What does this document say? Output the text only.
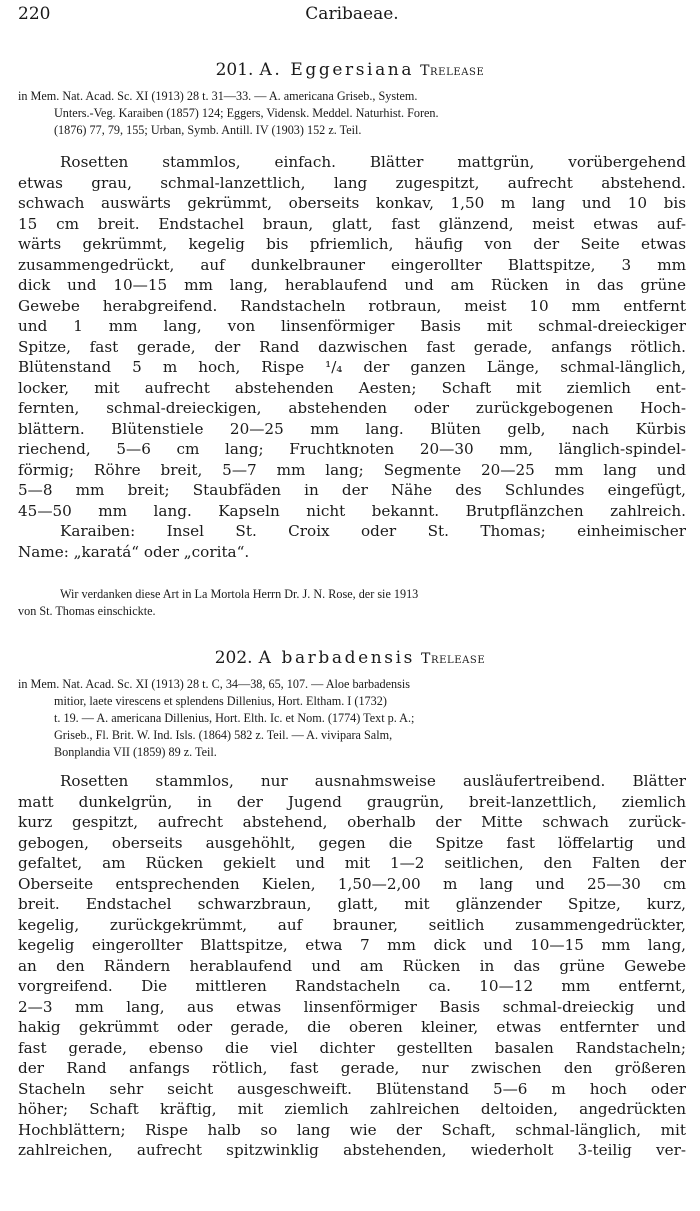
220	Caribaeae.
201. A. Eggersiana Trelease
in Mem. Nat. Acad. Sc. XI (1913) 28 t. 31—33. — A. americana Griseb., System.
Unters.-Veg. Karaiben (1857) 124; Eggers, Vidensk. Meddel. Naturhist. Foren.
(1876) 77, 79, 155; Urban, Symb. Antill. IV (1903) 152 z. Teil.
Rosetten stammlos, einfach. Blätter mattgrün, vorübergehend
etwas grau, schmal-lanzettlich, lang zugespitzt, aufrecht abstehend.
schwach auswärts gekrümmt, oberseits konkav, 1,50 m lang und 10 bis
15 cm breit. Endstachel braun, glatt, fast glänzend, meist etwas auf-
wärts gekrümmt, kegelig bis pfriemlich, häufig von der Seite etwas
zusammengedrückt, auf dunkelbrauner eingerollter Blattspitze, 3 mm
dick und 10—15 mm lang, herablaufend und am Rücken in das grüne
Gewebe herabgreifend. Randstacheln rotbraun, meist 10 mm entfernt
und 1 mm lang, von linsenförmiger Basis mit schmal-dreieckiger
Spitze, fast gerade, der Rand dazwischen fast gerade, anfangs rötlich.
Blütenstand 5 m hoch, Rispe ¹/₄ der ganzen Länge, schmal-länglich,
locker, mit aufrecht abstehenden Aesten; Schaft mit ziemlich ent-
fernten, schmal-dreieckigen, abstehenden oder zurückgebogenen Hoch-
blättern. Blütenstiele 20—25 mm lang. Blüten gelb, nach Kürbis
riechend, 5—6 cm lang; Fruchtknoten 20—30 mm, länglich-spindel-
förmig; Röhre breit, 5—7 mm lang; Segmente 20—25 mm lang und
5—8 mm breit; Staubfäden in der Nähe des Schlundes eingefügt,
45—50 mm lang. Kapseln nicht bekannt. Brutpflänzchen zahlreich.
Karaiben: Insel St. Croix oder St. Thomas; einheimischer
Name: „karatá“ oder „corita“.
Wir verdanken diese Art in La Mortola Herrn Dr. J. N. Rose, der sie 1913
von St. Thomas einschickte.
202. A barbadensis Trelease
in Mem. Nat. Acad. Sc. XI (1913) 28 t. C, 34—38, 65, 107. — Aloe barbadensis
mitior, laete virescens et splendens Dillenius, Hort. Eltham. I (1732)
t. 19. — A. americana Dillenius, Hort. Elth. Ic. et Nom. (1774) Text p. A.;
Griseb., Fl. Brit. W. Ind. Isls. (1864) 582 z. Teil. — A. vivipara Salm,
Bonplandia VII (1859) 89 z. Teil.
Rosetten stammlos, nur ausnahmsweise ausläufertreibend. Blätter
matt dunkelgrün, in der Jugend graugrün, breit-lanzettlich, ziemlich
kurz gespitzt, aufrecht abstehend, oberhalb der Mitte schwach zurück-
gebogen, oberseits ausgehöhlt, gegen die Spitze fast löffelartig und
gefaltet, am Rücken gekielt und mit 1—2 seitlichen, den Falten der
Oberseite entsprechenden Kielen, 1,50—2,00 m lang und 25—30 cm
breit. Endstachel schwarzbraun, glatt, mit glänzender Spitze, kurz,
kegelig, zurückgekrümmt, auf brauner, seitlich zusammengedrückter,
kegelig eingerollter Blattspitze, etwa 7 mm dick und 10—15 mm lang,
an den Rändern herablaufend und am Rücken in das grüne Gewebe
vorgreifend. Die mittleren Randstacheln ca. 10—12 mm entfernt,
2—3 mm lang, aus etwas linsenförmiger Basis schmal-dreieckig und
hakig gekrümmt oder gerade, die oberen kleiner, etwas entfernter und
fast gerade, ebenso die viel dichter gestellten basalen Randstacheln;
der Rand anfangs rötlich, fast gerade, nur zwischen den größeren
Stacheln sehr seicht ausgeschweift. Blütenstand 5—6 m hoch oder
höher; Schaft kräftig, mit ziemlich zahlreichen deltoiden, angedrückten
Hochblättern; Rispe halb so lang wie der Schaft, schmal-länglich, mit
zahlreichen, aufrecht spitzwinklig abstehenden, wiederholt 3-teilig ver-
